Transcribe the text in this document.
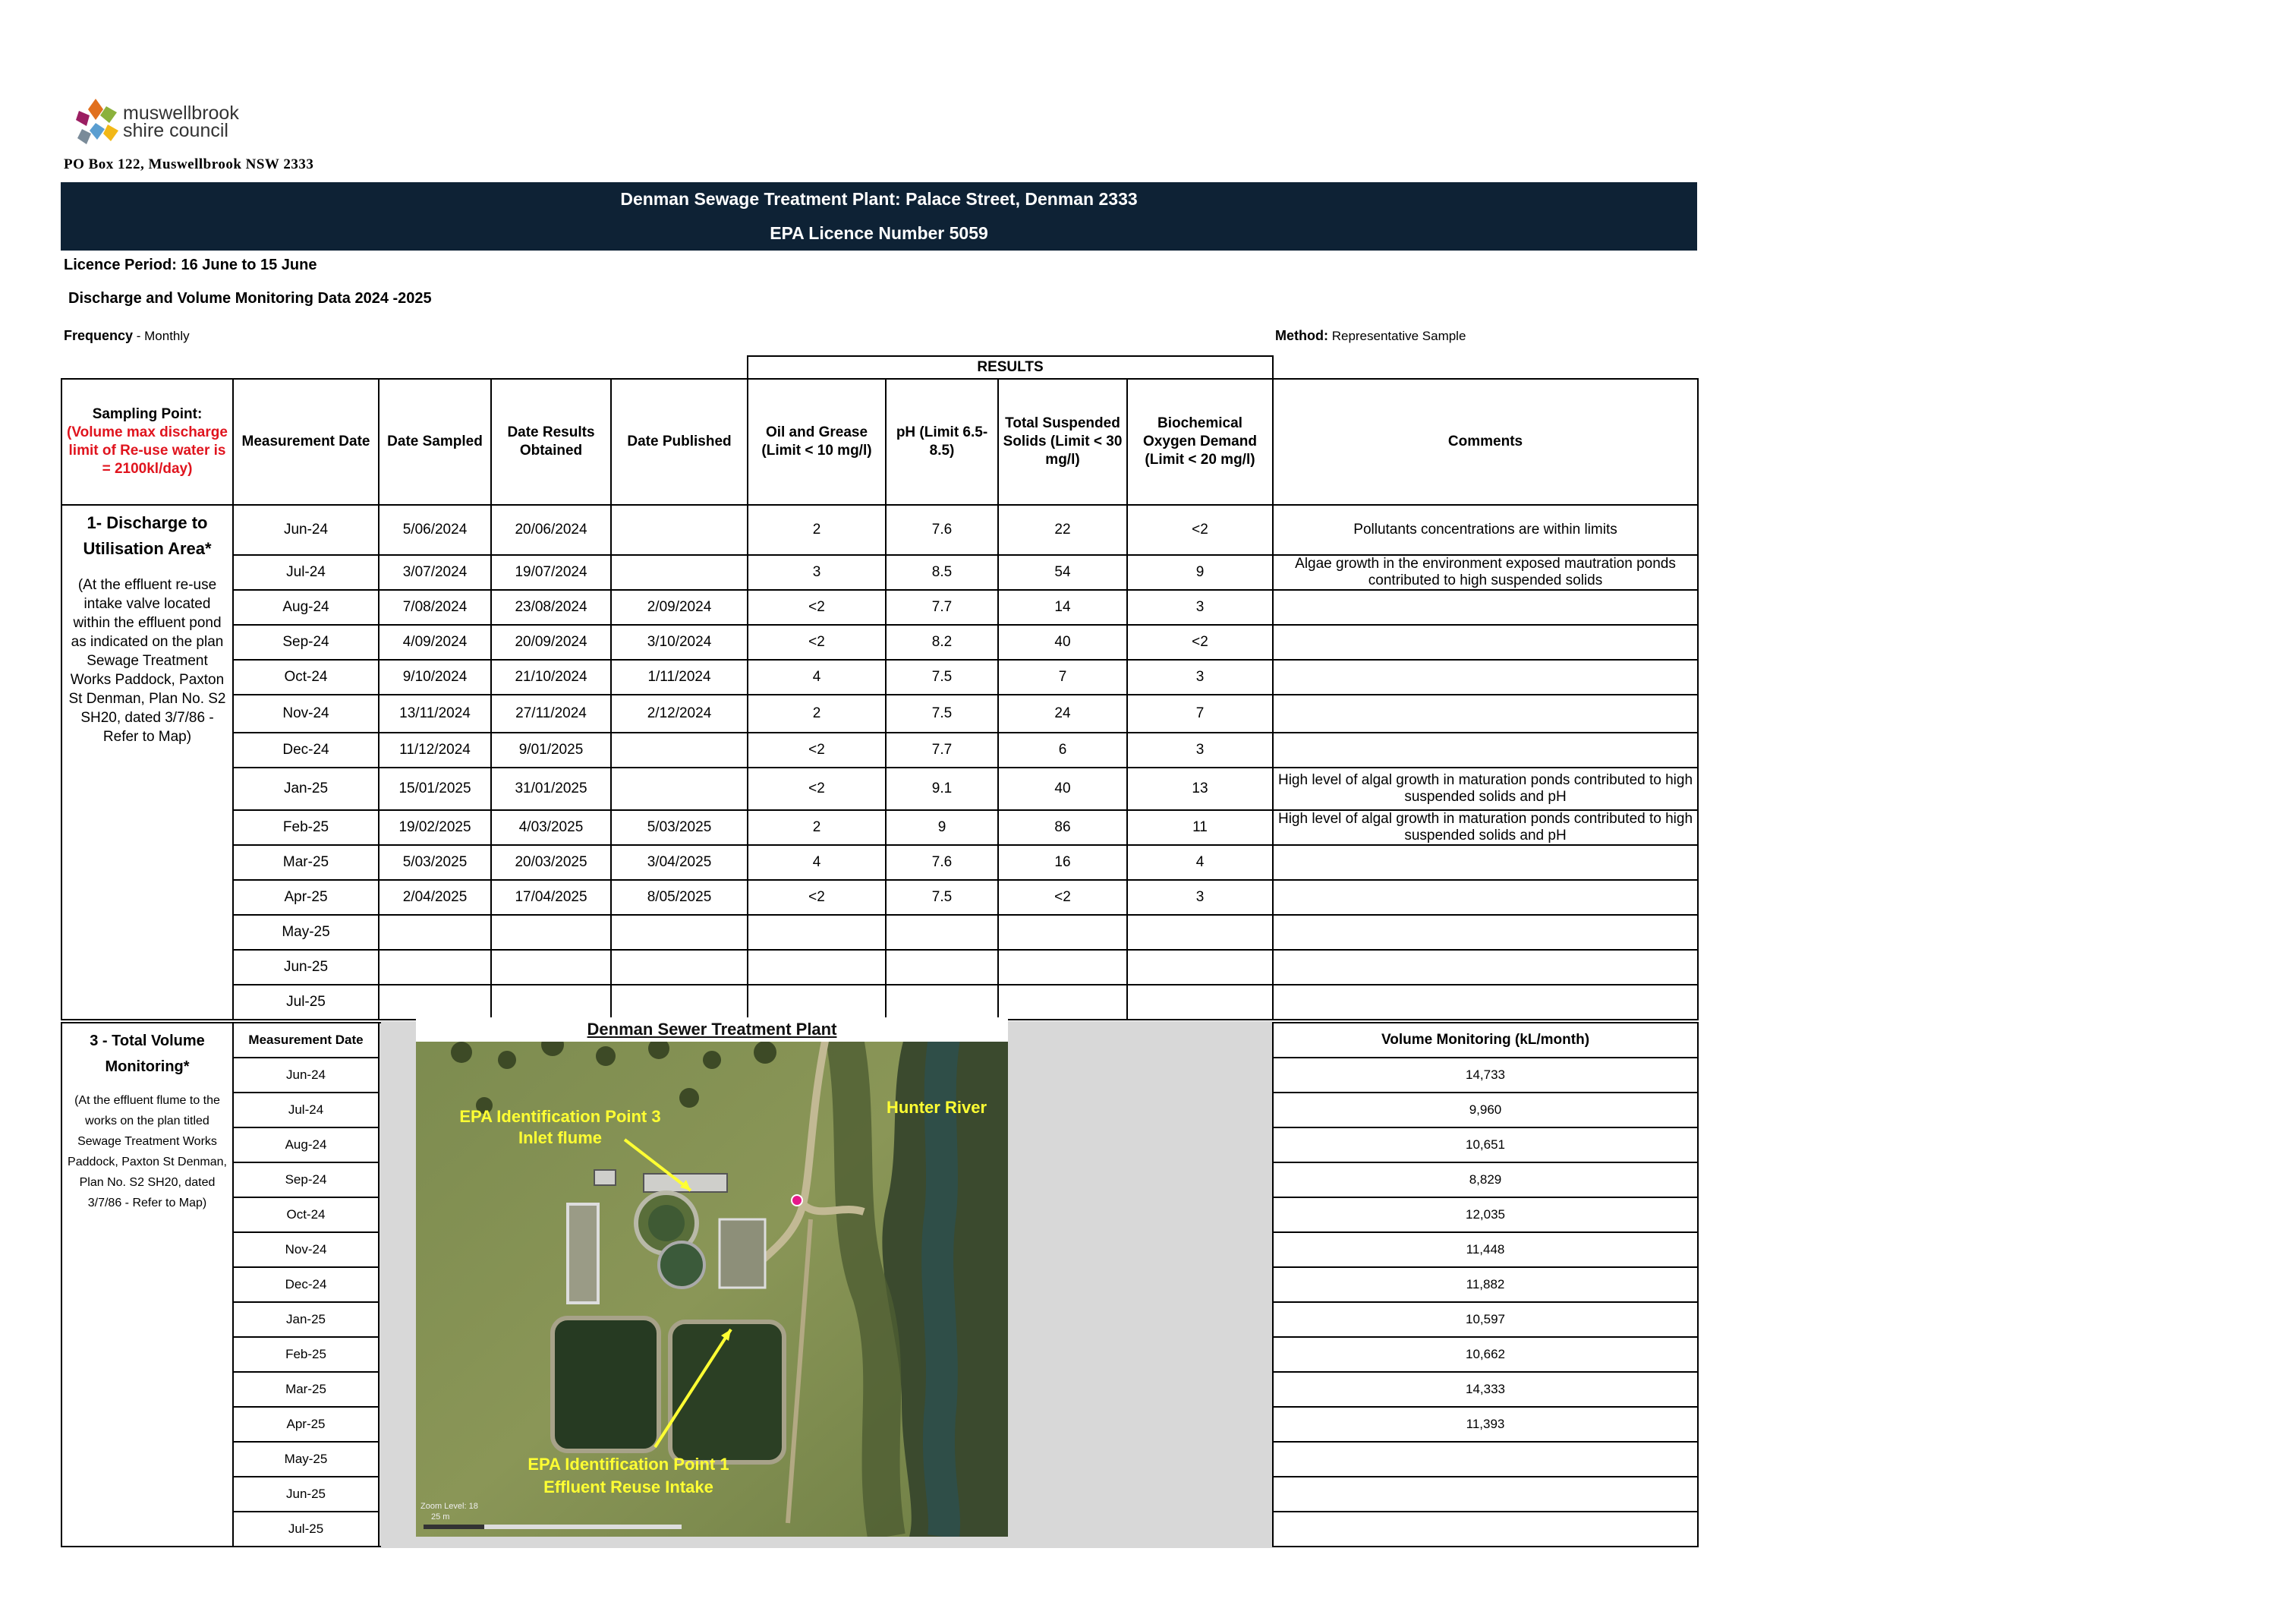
muswellbrook
shire council
PO Box 122, Muswellbrook NSW 2333
Denman Sewage Treatment Plant: Palace Street, Denman 2333
EPA Licence Number 5059
Licence Period: 16 June to 15 June
Discharge and Volume Monitoring Data 2024 -2025
Frequency - Monthly	Method: Representative Sample
RESULTS
Sampling Point:
(Volume max discharge limit of Re-use water is = 2100kl/day)	Measurement Date	Date Sampled	Date Results Obtained	Date Published	Oil and Grease (Limit < 10 mg/l)	pH (Limit 6.5-8.5)	Total Suspended Solids (Limit < 30 mg/l)	Biochemical Oxygen Demand (Limit < 20 mg/l)	Comments

1- Discharge to Utilisation Area*
(At the effluent re-use intake valve located within the effluent pond as indicated on the plan Sewage Treatment Works Paddock, Paxton St Denman, Plan No. S2 SH20, dated 3/7/86 - Refer to Map)	Jun-24	5/06/2024	20/06/2024		2	7.6	22	<2	Pollutants concentrations are within limits
	Jul-24	3/07/2024	19/07/2024		3	8.5	54	9	Algae growth in the environment exposed mautration ponds contributed to high suspended solids
	Aug-24	7/08/2024	23/08/2024	2/09/2024	<2	7.7	14	3	
	Sep-24	4/09/2024	20/09/2024	3/10/2024	<2	8.2	40	<2	
	Oct-24	9/10/2024	21/10/2024	1/11/2024	4	7.5	7	3	
	Nov-24	13/11/2024	27/11/2024	2/12/2024	2	7.5	24	7	
	Dec-24	11/12/2024	9/01/2025		<2	7.7	6	3	
	Jan-25	15/01/2025	31/01/2025		<2	9.1	40	13	High level of algal growth in maturation ponds contributed to high suspended solids and pH
	Feb-25	19/02/2025	4/03/2025	5/03/2025	2	9	86	11	High level of algal growth in maturation ponds contributed to high suspended solids and pH
	Mar-25	5/03/2025	20/03/2025	3/04/2025	4	7.6	16	4	
	Apr-25	2/04/2025	17/04/2025	8/05/2025	<2	7.5	<2	3	
	May-25								
	Jun-25								
	Jul-25								
3 - Total Volume Monitoring*
(At the effluent flume to the works on the plan titled Sewage Treatment Works Paddock, Paxton St Denman, Plan No. S2 SH20, dated 3/7/86 - Refer to Map)	Measurement Date		Volume Monitoring (kL/month)
	Jun-24		14,733
	Jul-24		9,960
	Aug-24		10,651
	Sep-24		8,829
	Oct-24		12,035
	Nov-24		11,448
	Dec-24		11,882
	Jan-25		10,597
	Feb-25		10,662
	Mar-25		14,333
	Apr-25		11,393
	May-25		
	Jun-25		
	Jul-25		
Denman Sewer Treatment Plant
EPA Identification Point 3
Inlet flume
Hunter River
EPA Identification Point 1
Effluent Reuse Intake
Zoom Level: 18
25 m
